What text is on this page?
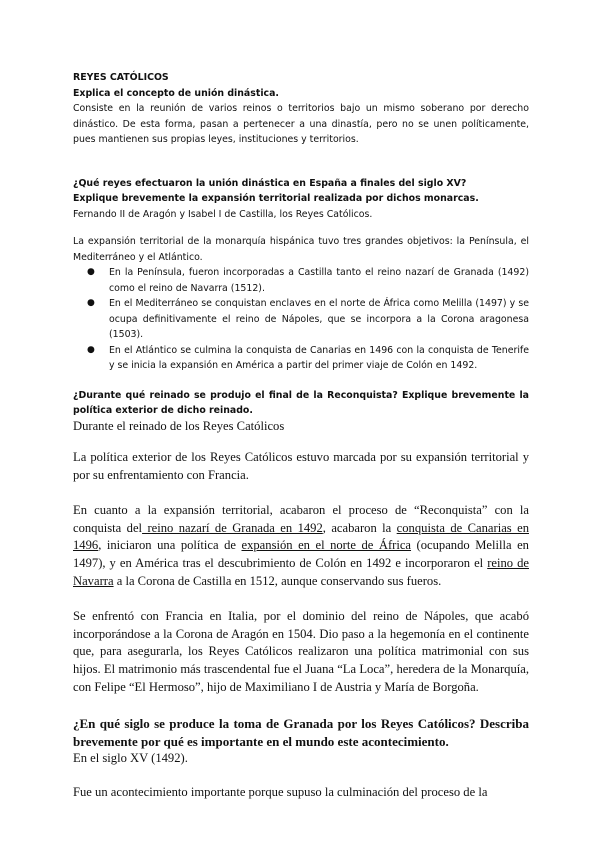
REYES CATÓLICOS

Explica el concepto de unión dinástica.

Consiste en la reunión de varios reinos o territorios bajo un mismo soberano por derecho dinástico. De esta forma, pasan a pertenecer a una dinastía, pero no se unen políticamente, pues mantienen sus propias leyes, instituciones y territorios.

¿Qué reyes efectuaron la unión dinástica en España a finales del siglo XV?

Explique brevemente la expansión territorial realizada por dichos monarcas.

Fernando II de Aragón y Isabel I de Castilla, los Reyes Católicos.

La expansión territorial de la monarquía hispánica tuvo tres grandes objetivos: la Península, el Mediterráneo y el Atlántico.

● En la Península, fueron incorporadas a Castilla tanto el reino nazarí de Granada (1492) como el reino de Navarra (1512).
● En el Mediterráneo se conquistan enclaves en el norte de África como Melilla (1497) y se ocupa definitivamente el reino de Nápoles, que se incorpora a la Corona aragonesa (1503).
● En el Atlántico se culmina la conquista de Canarias en 1496 con la conquista de Tenerife y se inicia la expansión en América a partir del primer viaje de Colón en 1492.

¿Durante qué reinado se produjo el final de la Reconquista? Explique brevemente la política exterior de dicho reinado.

Durante el reinado de los Reyes Católicos

La política exterior de los Reyes Católicos estuvo marcada por su expansión territorial y por su enfrentamiento con Francia.

En cuanto a la expansión territorial, acabaron el proceso de “Reconquista” con la conquista del reino nazarí de Granada en 1492, acabaron la conquista de Canarias en 1496, iniciaron una política de expansión en el norte de África (ocupando Melilla en 1497), y en América tras el descubrimiento de Colón en 1492 e incorporaron el reino de Navarra a la Corona de Castilla en 1512, aunque conservando sus fueros.

Se enfrentó con Francia en Italia, por el dominio del reino de Nápoles, que acabó incorporándose a la Corona de Aragón en 1504. Dio paso a la hegemonía en el continente que, para asegurarla, los Reyes Católicos realizaron una política matrimonial con sus hijos. El matrimonio más trascendental fue el Juana “La Loca”, heredera de la Monarquía, con Felipe “El Hermoso”, hijo de Maximiliano I de Austria y María de Borgoña.

¿En qué siglo se produce la toma de Granada por los Reyes Católicos? Describa brevemente por qué es importante en el mundo este acontecimiento.

En el siglo XV (1492).

Fue un acontecimiento importante porque supuso la culminación del proceso de la
